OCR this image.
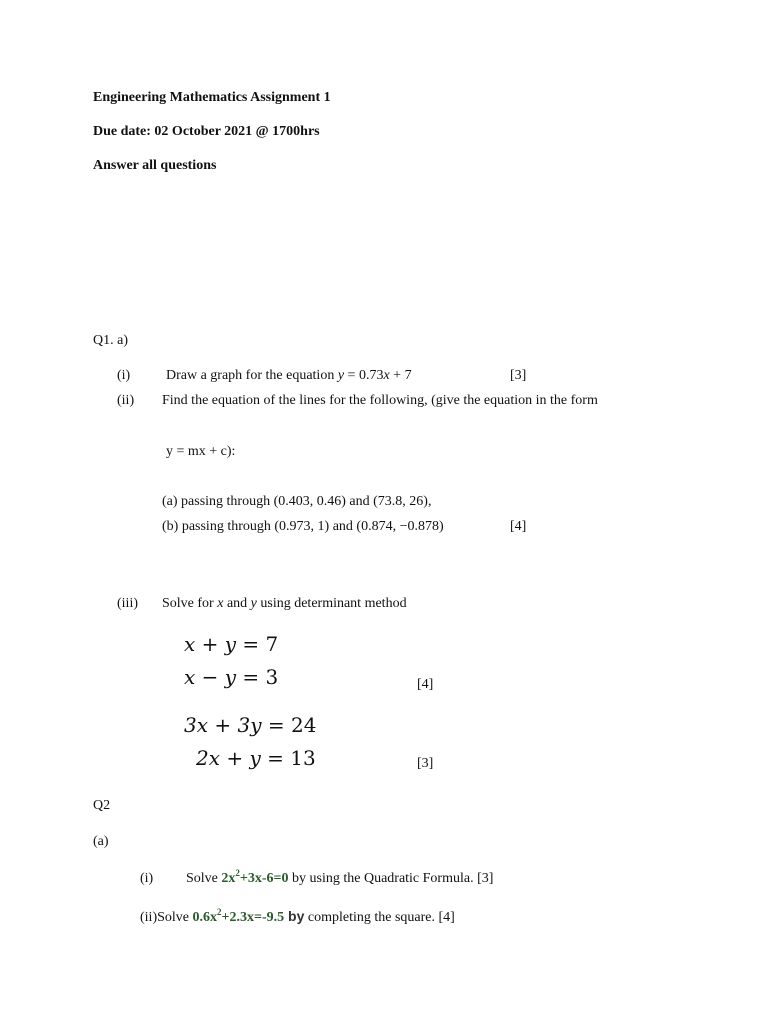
Engineering Mathematics Assignment 1
Due date: 02 October 2021 @ 1700hrs
Answer all questions
Q1. a)
(i)	Draw a graph for the equation y = 0.73x + 7	[3]
(ii) Find the equation of the lines for the following, (give the equation in the form
y = mx + c):
(a) passing through (0.403, 0.46) and (73.8, 26),
(b) passing through (0.973, 1) and (0.874, −0.878)	[4]
(iii) Solve for x and y using determinant method
x + y = 7
x − y = 3	[4]
3x + 3y = 24
2x + y = 13	[3]
Q2
(a)
(i) Solve $2x^2+3x-6=0$ by using the Quadratic Formula. [3]
(ii)Solve $0.6x^2+2.3x=-9.5$ by completing the square. [4]
